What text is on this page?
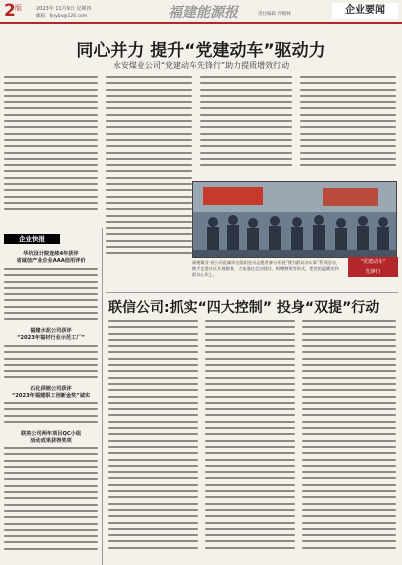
2 版	2023年 11月9日 星期四
邮箱：fjnybs@126.com	福建能源报	责任编辑 乔帽林	企业要闻
同心并力 提升“党建动车”驱动力
永安煤业公司“党建动车先锋行”助力提质增效行动
福建煤业·省公司直属单位组织党员志愿者参与开展“我为群众办实事”系列活动，携手走进社区开展服务，大家通过走访慰问、捐赠物资等形式，把党的温暖送到群众心坎上。
“党建动车”
先锋行
企业快报
华坑设计院连续4年获评
省诚信产业企业AAA信用评价
福建水泥公司获评
“2023年福材行业示范工厂”
石化供销公司获评
“2023年福建职工创新金奖”诚实
联美公司两年项目QC小组
活动成果获得奖项
联信公司:抓实“四大控制” 投身“双提”行动
